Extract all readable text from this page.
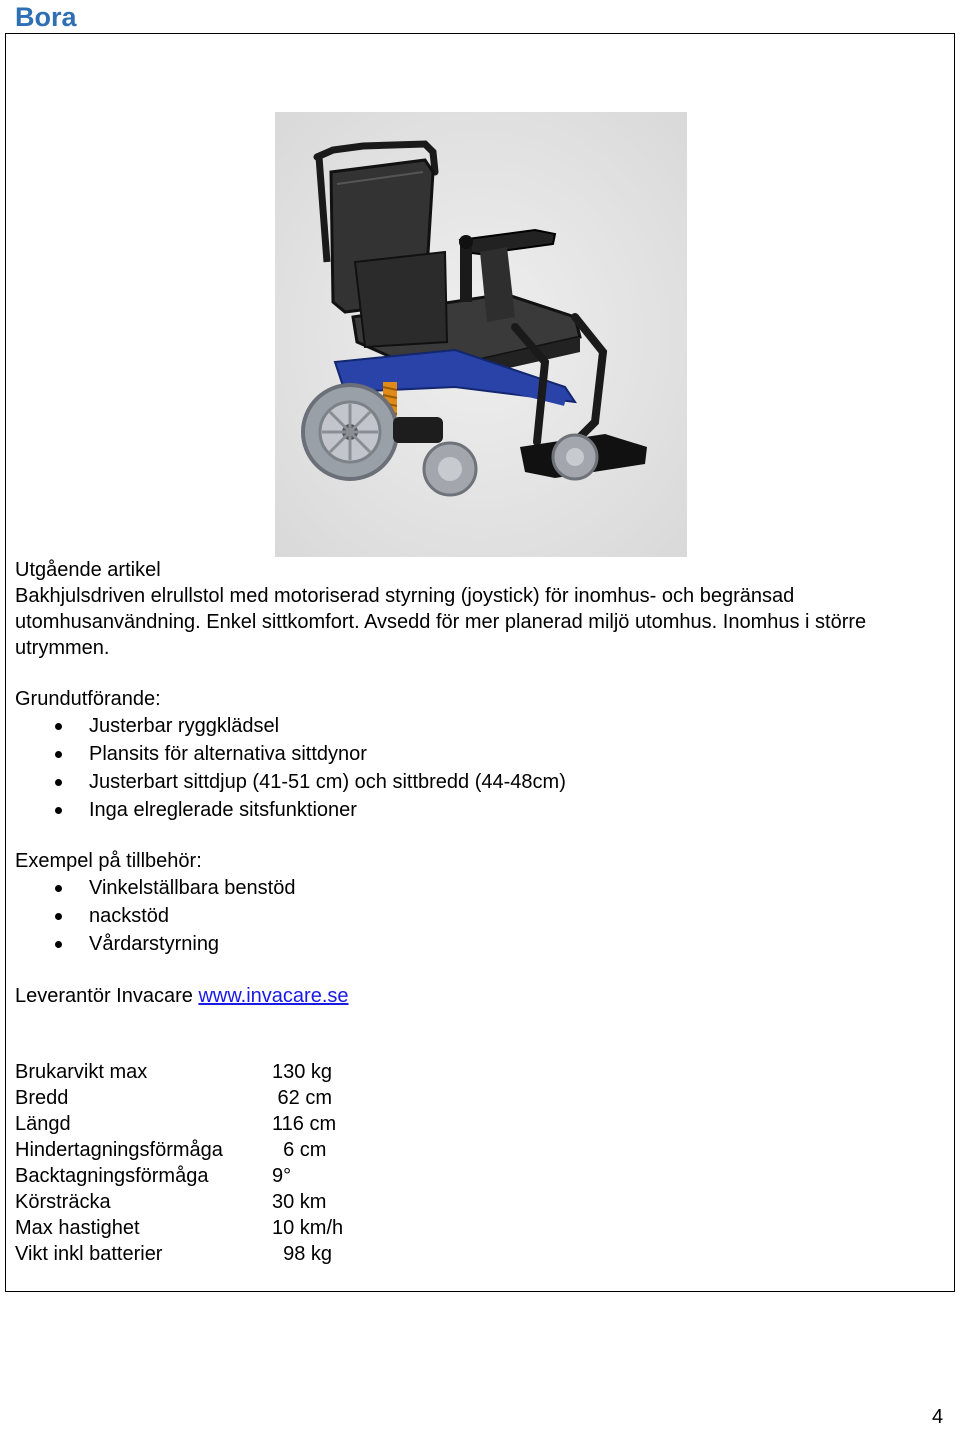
Bora
Utgående artikel
Bakhjulsdriven elrullstol med motoriserad styrning (joystick) för inomhus- och begränsad utomhusanvändning. Enkel sittkomfort. Avsedd för mer planerad miljö utomhus. Inomhus i större utrymmen.
Grundutförande:
Justerbar ryggklädsel
Plansits för alternativa sittdynor
Justerbart sittdjup (41-51 cm) och sittbredd (44-48cm)
Inga elreglerade sitsfunktioner
Exempel på tillbehör:
Vinkelställbara benstöd
nackstöd
Vårdarstyrning
Leverantör Invacare www.invacare.se
Brukarvikt max	130 kg
Bredd	62 cm
Längd	116 cm
Hindertagningsförmåga 6 cm
Backtagningsförmåga	9°
Körsträcka	30 km
Max hastighet	10 km/h
Vikt inkl batterier	98 kg
4
